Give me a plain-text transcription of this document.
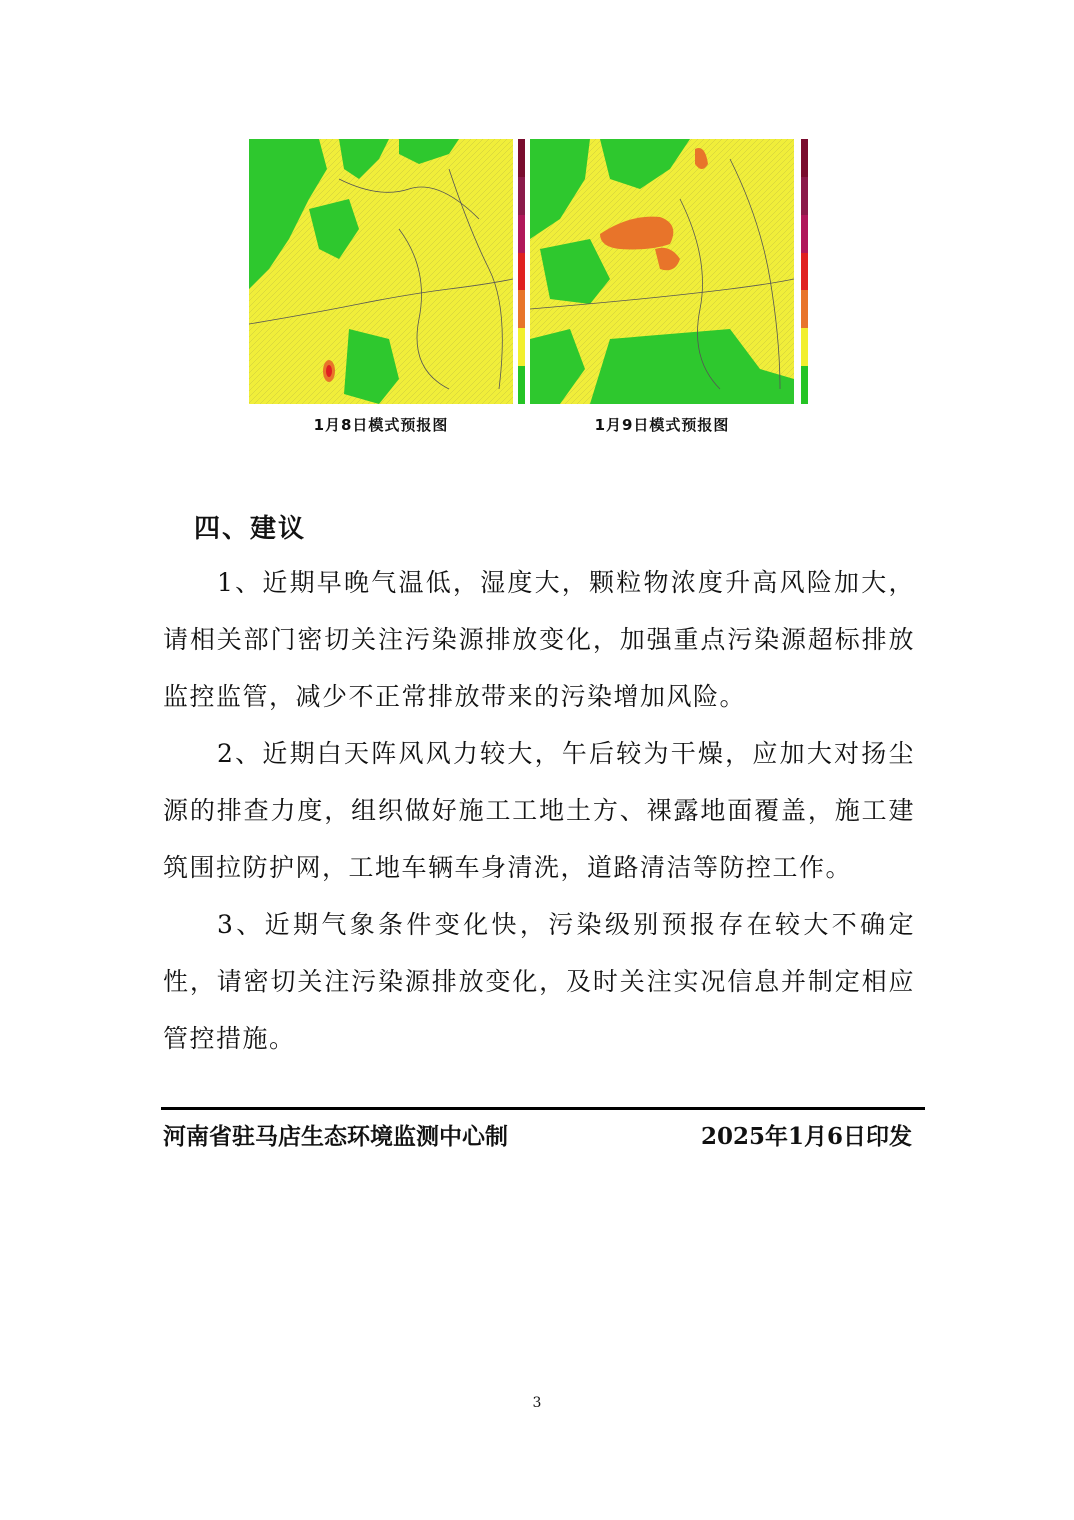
1月8日模式预报图	1月9日模式预报图
四、建议

1、近期早晚气温低，湿度大，颗粒物浓度升高风险加大，请相关部门密切关注污染源排放变化，加强重点污染源超标排放监控监管，减少不正常排放带来的污染增加风险。

2、近期白天阵风风力较大，午后较为干燥，应加大对扬尘源的排查力度，组织做好施工工地土方、裸露地面覆盖，施工建筑围拉防护网，工地车辆车身清洗，道路清洁等防控工作。

3、近期气象条件变化快，污染级别预报存在较大不确定性，请密切关注污染源排放变化，及时关注实况信息并制定相应管控措施。

河南省驻马店生态环境监测中心制	2025年1月6日印发
3
